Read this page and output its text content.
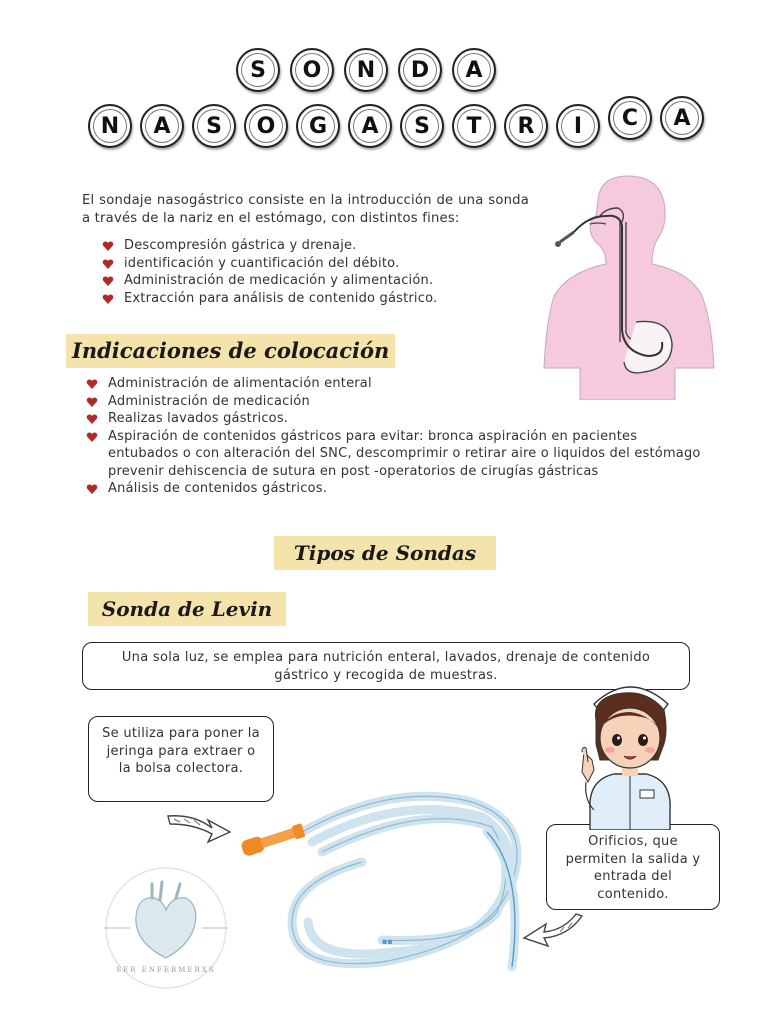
S	O	N	D	A
N	A	S	O	G	A	S	T	R	I	C	A
El sondaje nasogástrico consiste en la introducción de una sonda a través de la nariz en el estómago, con distintos fines:
Descompresión gástrica y drenaje.
identificación y cuantificación del débito.
Administración de medicación y alimentación.
Extracción para análisis de contenido gástrico.
Indicaciones de colocación
Administración de alimentación enteral
Administración de medicación
Realizas lavados gástricos.
Aspiración de contenidos gástricos para evitar: bronca aspiración en pacientes entubados o con alteración del SNC, descomprimir o retirar aire o liquidos del estómago prevenir dehiscencia de sutura en post -operatorios de cirugías gástricas
Análisis de contenidos gástricos.
Tipos de Sondas
Sonda de Levin
Una sola luz, se emplea para nutrición enteral, lavados, drenaje de contenido gástrico y recogida de muestras.
Se utiliza para poner la jeringa para extraer o la bolsa colectora.
Orificios, que permiten la salida y entrada del contenido.
▪▪
SER ENFERMERXS
